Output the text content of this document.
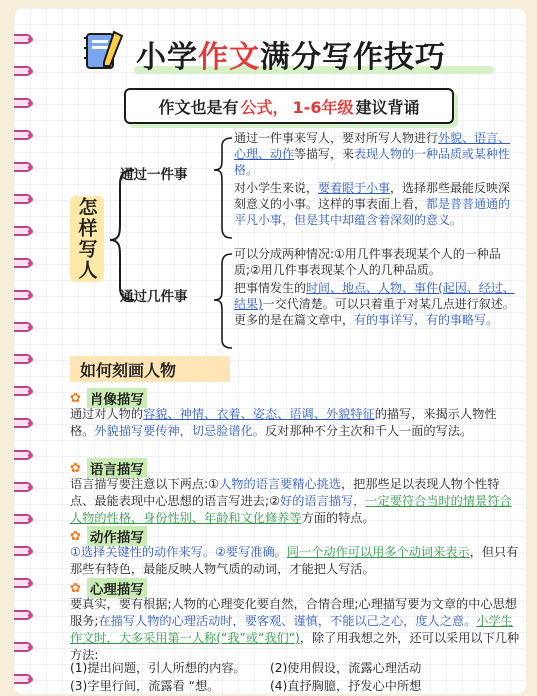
小学作文满分写作技巧
作文也是有 公式， 1-6年级 建议背诵
怎样写人
通过一件事
通过几件事
通过一件事来写人，要对所写人物进行外貌、语言、心理、动作等描写，来表现人物的一种品质或某种性格。
对小学生来说，要着眼于小事，选择那些最能反映深刻意义的小事。这样的事表面上看，都是普普通通的平凡小事，但是其中却蕴含着深刻的意义。
可以分成两种情况:①用几件事表现某个人的一种品质;②用几件事表现某个人的几种品质。
把事情发生的时间、地点、人物、事件(起因、经过、结果)一交代清楚。可以只着重于对某几点进行叙述。更多的是在篇文章中，有的事详写，有的事略写。
如何刻画人物
✿ 肖像描写
通过对人物的容貌、神情、衣着、姿态、语调、外貌特征的描写，来揭示人物性格。外貌描写要传神，切忌脸谱化。反对那种不分主次和千人一面的写法。
✿ 语言描写
语言描写要注意以下两点:①人物的语言要精心挑选，把那些足以表现人物个性特点、最能表现中心思想的语言写进去;②好的语言描写，一定要符合当时的情景符合人物的性格、身份性别、年龄和文化修养等方面的特点。
✿ 动作描写
①选择关键性的动作来写。②要写准确。同一个动作可以用多个动词来表示，但只有那些有特色，最能反映人物气质的动词，才能把人写活。
✿ 心理描写
要真实，要有根据;人物的心理变化要自然，合情合理;心理描写要为文章的中心思想服务;在描写人物的心理活动时，要客观、谨慎，不能以己之心，度人之意。小学生作文时，大多采用第一人称(“我”或“我们”)，除了用我想之外，还可以采用以下几种方法:
(1)提出问题，引人所想的内容。	(2)使用假设，流露心理活动
(3)字里行间，流露看 “想。	(4)直抒胸臆，抒发心中所想
